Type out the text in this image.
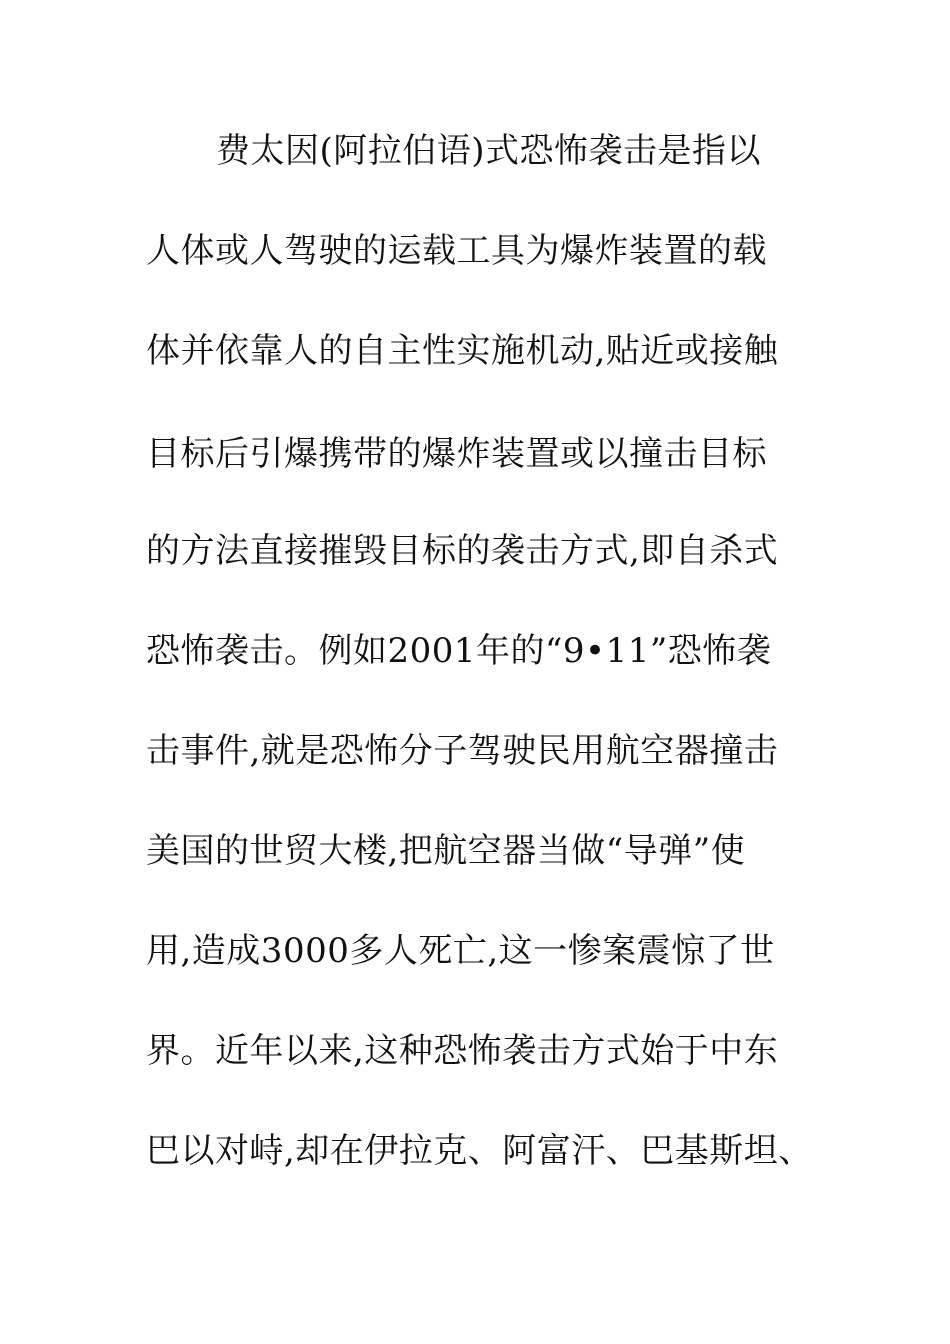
费太因(阿拉伯语)式恐怖袭击是指以
人体或人驾驶的运载工具为爆炸装置的载
体并依靠人的自主性实施机动,贴近或接触
目标后引爆携带的爆炸装置或以撞击目标
的方法直接摧毁目标的袭击方式,即自杀式
恐怖袭击。例如2001年的“9•11”恐怖袭
击事件,就是恐怖分子驾驶民用航空器撞击
美国的世贸大楼,把航空器当做“导弹”使
用,造成3000多人死亡,这一惨案震惊了世
界。近年以来,这种恐怖袭击方式始于中东
巴以对峙,却在伊拉克、阿富汗、巴基斯坦、
